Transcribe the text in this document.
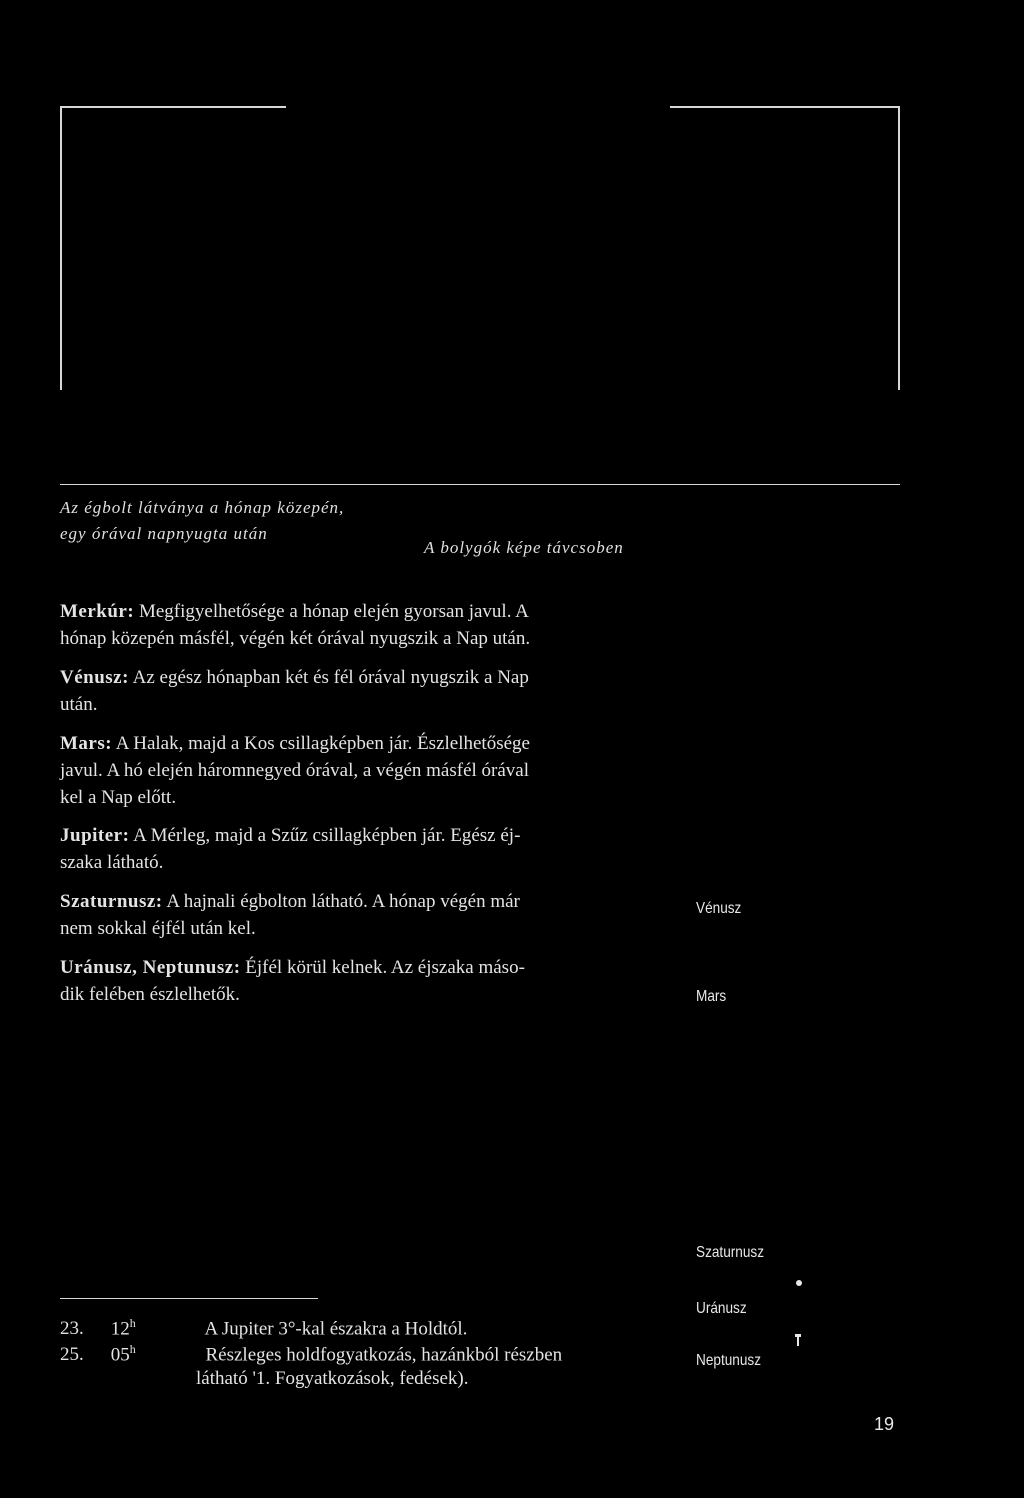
Az égbolt látványa a hónap közepén,
egy órával napnyugta után
A bolygók képe távcsoben
Merkúr: Megfigyelhetősége a hónap elején gyorsan javul. A
hónap közepén másfél, végén két órával nyugszik a Nap után.
Vénusz: Az egész hónapban két és fél órával nyugszik a Nap
után.
Mars: A Halak, majd a Kos csillagképben jár. Észlelhetősége
javul. A hó elején háromnegyed órával, a végén másfél órával
kel a Nap előtt.
Jupiter: A Mérleg, majd a Szűz csillagképben jár. Egész éj-
szaka látható.
Szaturnusz: A hajnali égbolton látható. A hónap végén már
nem sokkal éjfél után kel.
Uránusz, Neptunusz: Éjfél körül kelnek. Az éjszaka máso-
dik felében észlelhetők.
Vénusz
Mars
Szaturnusz
Uránusz
Neptunusz
23. 12$^h$	A Jupiter 3°-kal északra a Holdtól.
25. 05$^h$	Részleges holdfogyatkozás, hazánkból részben
látható '1. Fogyatkozások, fedések).
19
